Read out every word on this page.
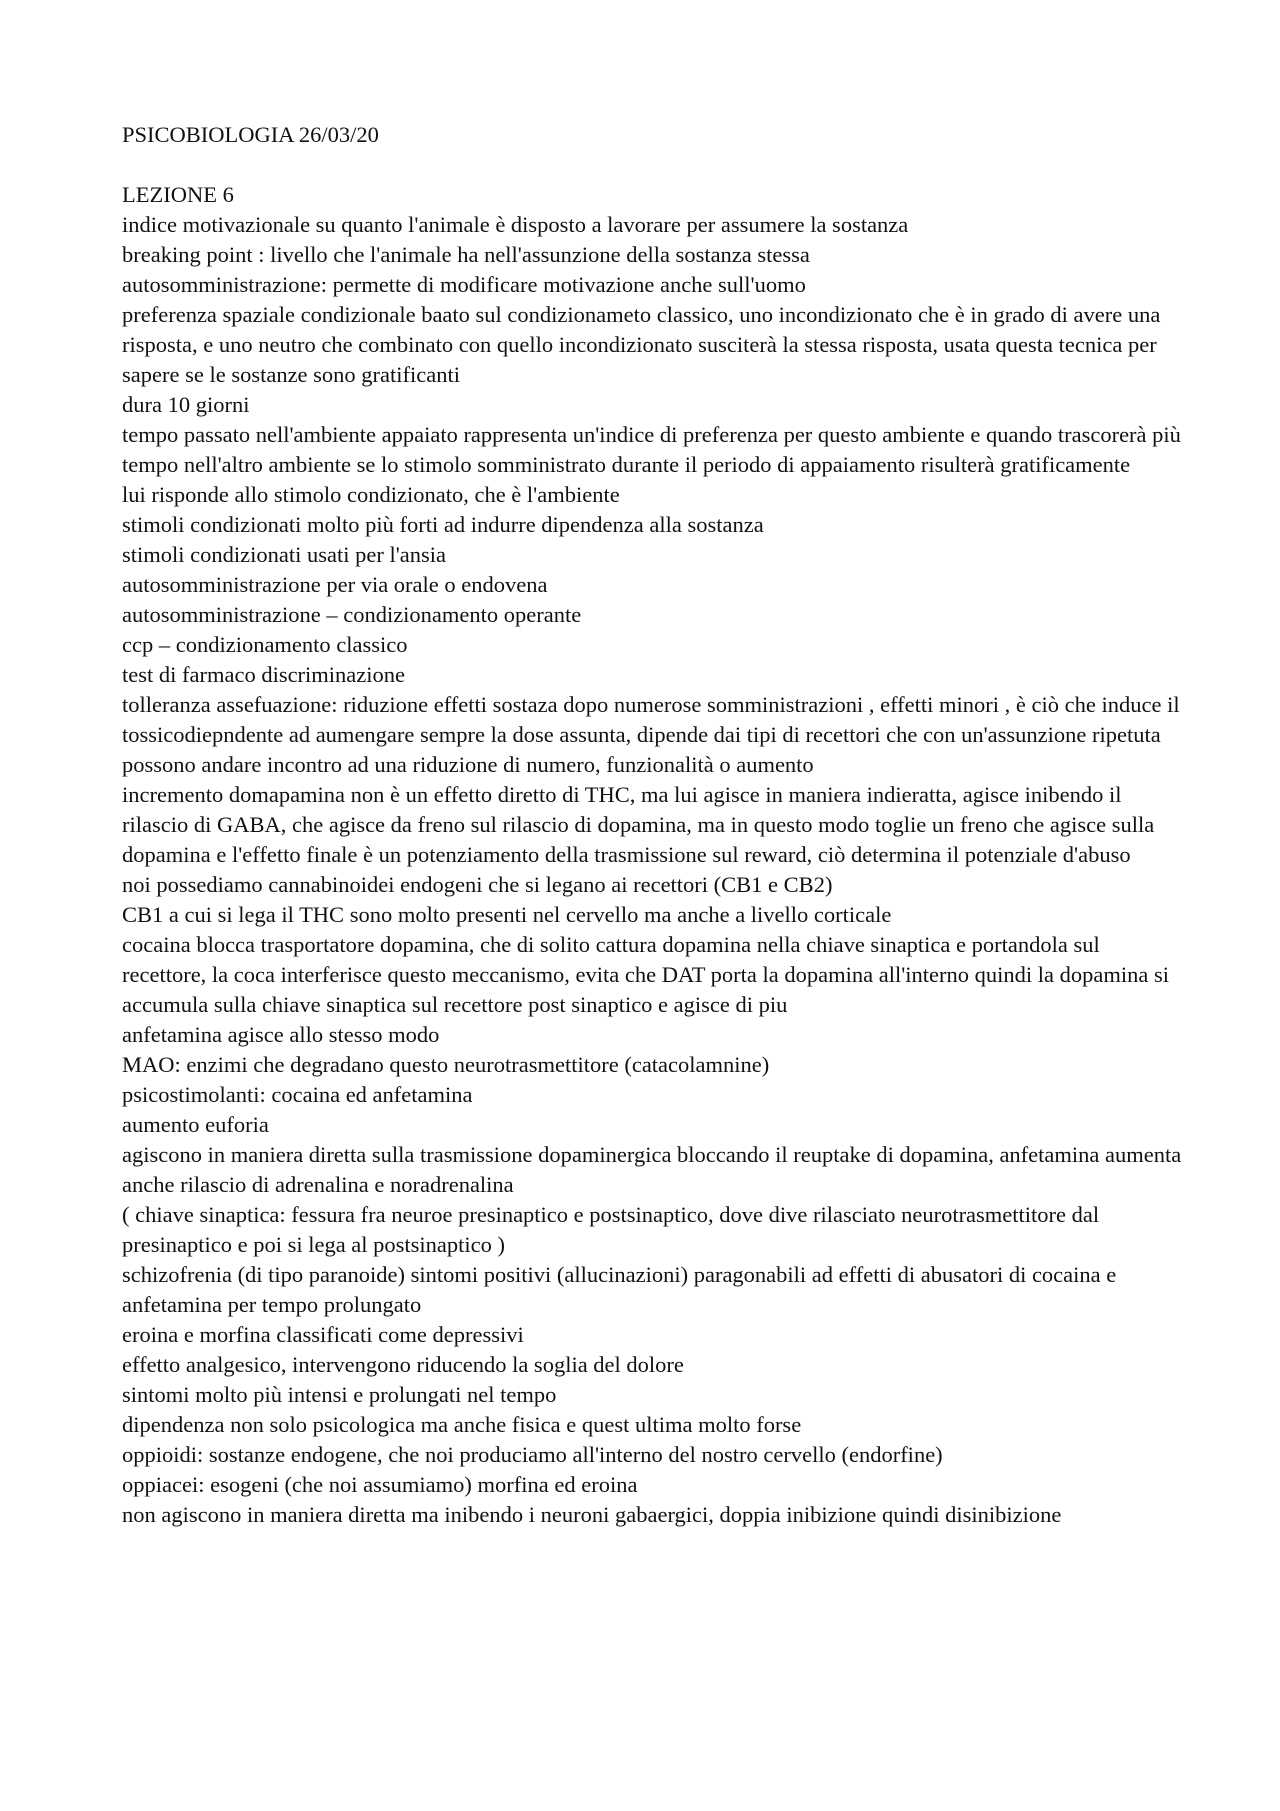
PSICOBIOLOGIA 26/03/20

LEZIONE 6

indice motivazionale su quanto l'animale è disposto a lavorare per assumere la sostanza

breaking point : livello che l'animale ha nell'assunzione della sostanza stessa

autosomministrazione: permette di modificare motivazione anche sull'uomo

preferenza spaziale condizionale baato sul condizionameto classico, uno incondizionato che è in grado di avere una risposta, e uno neutro che combinato con quello incondizionato susciterà la stessa risposta, usata questa tecnica per sapere se le sostanze sono gratificanti

dura 10 giorni

tempo passato nell'ambiente appaiato rappresenta un'indice di preferenza per questo ambiente e quando trascorerà più tempo nell'altro ambiente se lo stimolo somministrato durante il periodo di appaiamento risulterà gratificamente

lui risponde allo stimolo condizionato, che è l'ambiente

stimoli condizionati molto più forti ad indurre dipendenza alla sostanza

stimoli condizionati usati per l'ansia

autosomministrazione per via orale o endovena

autosomministrazione – condizionamento operante

ccp – condizionamento classico

test di farmaco discriminazione

tolleranza assefuazione: riduzione effetti sostaza dopo numerose somministrazioni , effetti minori , è ciò che induce il tossicodiepndente ad aumengare sempre la dose assunta, dipende dai tipi di recettori che con un'assunzione ripetuta possono andare incontro ad una riduzione di numero, funzionalità o aumento

incremento domapamina non è un effetto diretto di THC, ma lui agisce in maniera indieratta, agisce inibendo il rilascio di GABA, che agisce da freno sul rilascio di dopamina, ma in questo modo toglie un freno che agisce sulla dopamina e l'effetto finale è un potenziamento della trasmissione sul reward, ciò determina il potenziale d'abuso

noi possediamo cannabinoidei endogeni che si legano ai recettori (CB1 e CB2)

CB1 a cui si lega il THC sono molto presenti nel cervello ma anche a livello corticale

cocaina blocca trasportatore dopamina, che di solito cattura dopamina nella chiave sinaptica e portandola sul recettore, la coca interferisce questo meccanismo, evita che DAT porta la dopamina all'interno quindi la dopamina si accumula sulla chiave sinaptica sul recettore post sinaptico e agisce di piu

anfetamina agisce allo stesso modo

MAO: enzimi che degradano questo neurotrasmettitore (catacolamnine)

psicostimolanti: cocaina ed anfetamina

aumento euforia

agiscono in maniera diretta sulla trasmissione dopaminergica bloccando il reuptake di dopamina, anfetamina aumenta anche rilascio di adrenalina e noradrenalina

( chiave sinaptica: fessura fra neuroe presinaptico e postsinaptico, dove dive rilasciato neurotrasmettitore dal presinaptico e poi si lega al postsinaptico )

schizofrenia (di tipo paranoide) sintomi positivi (allucinazioni) paragonabili ad effetti di abusatori di cocaina e anfetamina per tempo prolungato

eroina e morfina classificati come depressivi

effetto analgesico, intervengono riducendo la soglia del dolore

sintomi molto più intensi e prolungati nel tempo

dipendenza non solo psicologica ma anche fisica e quest ultima molto forse

oppioidi: sostanze endogene, che noi produciamo all'interno del nostro cervello (endorfine)

oppiacei: esogeni (che noi assumiamo) morfina ed eroina

non agiscono in maniera diretta ma inibendo i neuroni gabaergici, doppia inibizione quindi disinibizione
